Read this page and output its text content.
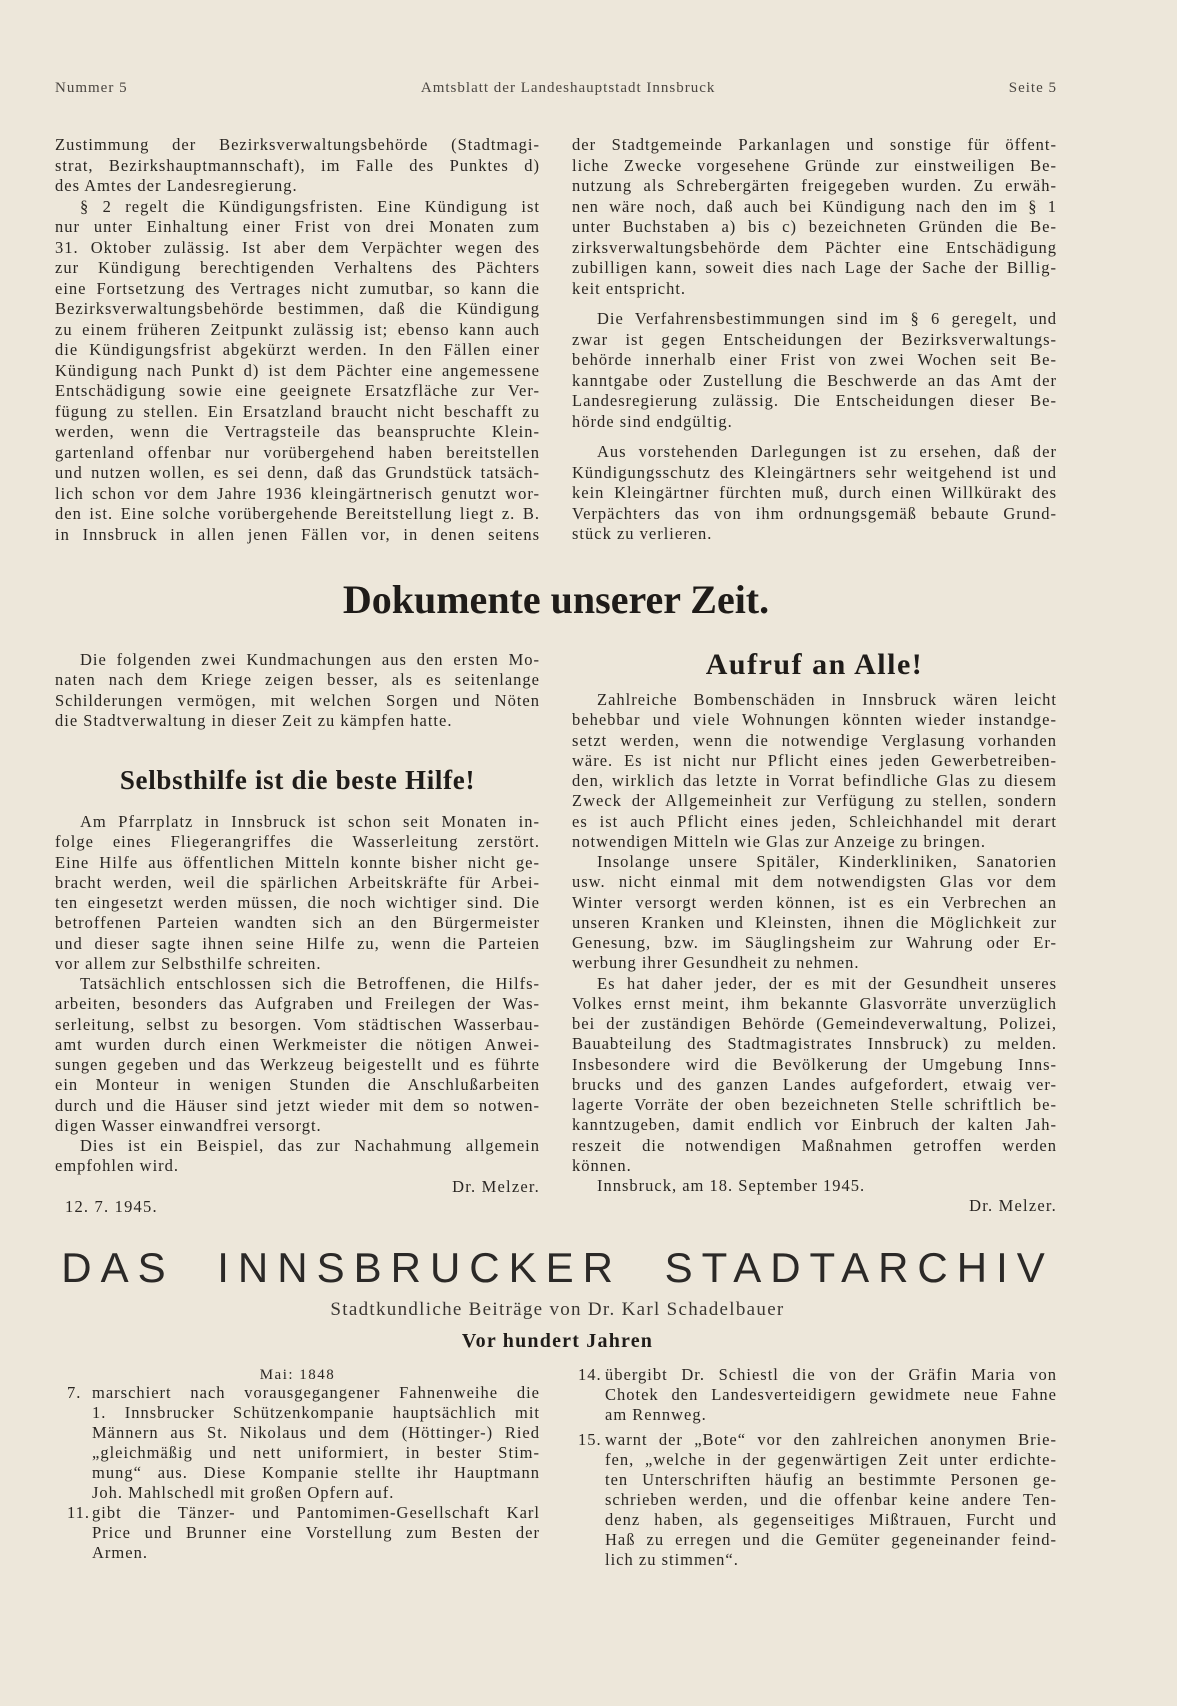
Nummer 5	Amtsblatt der Landeshauptstadt Innsbruck	Seite 5
Zustimmung der Bezirksverwaltungsbehörde (Stadtmagi-
strat, Bezirkshauptmannschaft), im Falle des Punktes d)
des Amtes der Landesregierung.
§ 2 regelt die Kündigungsfristen. Eine Kündigung ist
nur unter Einhaltung einer Frist von drei Monaten zum
31. Oktober zulässig. Ist aber dem Verpächter wegen des
zur Kündigung berechtigenden Verhaltens des Pächters
eine Fortsetzung des Vertrages nicht zumutbar, so kann die
Bezirksverwaltungsbehörde bestimmen, daß die Kündigung
zu einem früheren Zeitpunkt zulässig ist; ebenso kann auch
die Kündigungsfrist abgekürzt werden. In den Fällen einer
Kündigung nach Punkt d) ist dem Pächter eine angemessene
Entschädigung sowie eine geeignete Ersatzfläche zur Ver-
fügung zu stellen. Ein Ersatzland braucht nicht beschafft zu
werden, wenn die Vertragsteile das beanspruchte Klein-
gartenland offenbar nur vorübergehend haben bereitstellen
und nutzen wollen, es sei denn, daß das Grundstück tatsäch-
lich schon vor dem Jahre 1936 kleingärtnerisch genutzt wor-
den ist. Eine solche vorübergehende Bereitstellung liegt z. B.
in Innsbruck in allen jenen Fällen vor, in denen seitens
der Stadtgemeinde Parkanlagen und sonstige für öffent-
liche Zwecke vorgesehene Gründe zur einstweiligen Be-
nutzung als Schrebergärten freigegeben wurden. Zu erwäh-
nen wäre noch, daß auch bei Kündigung nach den im § 1
unter Buchstaben a) bis c) bezeichneten Gründen die Be-
zirksverwaltungsbehörde dem Pächter eine Entschädigung
zubilligen kann, soweit dies nach Lage der Sache der Billig-
keit entspricht.
Die Verfahrensbestimmungen sind im § 6 geregelt, und
zwar ist gegen Entscheidungen der Bezirksverwaltungs-
behörde innerhalb einer Frist von zwei Wochen seit Be-
kanntgabe oder Zustellung die Beschwerde an das Amt der
Landesregierung zulässig. Die Entscheidungen dieser Be-
hörde sind endgültig.
Aus vorstehenden Darlegungen ist zu ersehen, daß der
Kündigungsschutz des Kleingärtners sehr weitgehend ist und
kein Kleingärtner fürchten muß, durch einen Willkürakt des
Verpächters das von ihm ordnungsgemäß bebaute Grund-
stück zu verlieren.
Dokumente unserer Zeit.
Die folgenden zwei Kundmachungen aus den ersten Mo-
naten nach dem Kriege zeigen besser, als es seitenlange
Schilderungen vermögen, mit welchen Sorgen und Nöten
die Stadtverwaltung in dieser Zeit zu kämpfen hatte.
Selbsthilfe ist die beste Hilfe!
Am Pfarrplatz in Innsbruck ist schon seit Monaten in-
folge eines Fliegerangriffes die Wasserleitung zerstört.
Eine Hilfe aus öffentlichen Mitteln konnte bisher nicht ge-
bracht werden, weil die spärlichen Arbeitskräfte für Arbei-
ten eingesetzt werden müssen, die noch wichtiger sind. Die
betroffenen Parteien wandten sich an den Bürgermeister
und dieser sagte ihnen seine Hilfe zu, wenn die Parteien
vor allem zur Selbsthilfe schreiten.
Tatsächlich entschlossen sich die Betroffenen, die Hilfs-
arbeiten, besonders das Aufgraben und Freilegen der Was-
serleitung, selbst zu besorgen. Vom städtischen Wasserbau-
amt wurden durch einen Werkmeister die nötigen Anwei-
sungen gegeben und das Werkzeug beigestellt und es führte
ein Monteur in wenigen Stunden die Anschlußarbeiten
durch und die Häuser sind jetzt wieder mit dem so notwen-
digen Wasser einwandfrei versorgt.
Dies ist ein Beispiel, das zur Nachahmung allgemein
empfohlen wird.
Dr. Melzer.
12. 7. 1945.
Aufruf an Alle!
Zahlreiche Bombenschäden in Innsbruck wären leicht
behebbar und viele Wohnungen könnten wieder instandge-
setzt werden, wenn die notwendige Verglasung vorhanden
wäre. Es ist nicht nur Pflicht eines jeden Gewerbetreiben-
den, wirklich das letzte in Vorrat befindliche Glas zu diesem
Zweck der Allgemeinheit zur Verfügung zu stellen, sondern
es ist auch Pflicht eines jeden, Schleichhandel mit derart
notwendigen Mitteln wie Glas zur Anzeige zu bringen.
Insolange unsere Spitäler, Kinderkliniken, Sanatorien
usw. nicht einmal mit dem notwendigsten Glas vor dem
Winter versorgt werden können, ist es ein Verbrechen an
unseren Kranken und Kleinsten, ihnen die Möglichkeit zur
Genesung, bzw. im Säuglingsheim zur Wahrung oder Er-
werbung ihrer Gesundheit zu nehmen.
Es hat daher jeder, der es mit der Gesundheit unseres
Volkes ernst meint, ihm bekannte Glasvorräte unverzüglich
bei der zuständigen Behörde (Gemeindeverwaltung, Polizei,
Bauabteilung des Stadtmagistrates Innsbruck) zu melden.
Insbesondere wird die Bevölkerung der Umgebung Inns-
brucks und des ganzen Landes aufgefordert, etwaig ver-
lagerte Vorräte der oben bezeichneten Stelle schriftlich be-
kanntzugeben, damit endlich vor Einbruch der kalten Jah-
reszeit die notwendigen Maßnahmen getroffen werden
können.
Innsbruck, am 18. September 1945.
Dr. Melzer.
DAS INNSBRUCKER STADTARCHIV
Stadtkundliche Beiträge von Dr. Karl Schadelbauer
Vor hundert Jahren
Mai: 1848
7. marschiert nach vorausgegangener Fahnenweihe die
1. Innsbrucker Schützenkompanie hauptsächlich mit
Männern aus St. Nikolaus und dem (Höttinger-) Ried
„gleichmäßig und nett uniformiert, in bester Stim-
mung“ aus. Diese Kompanie stellte ihr Hauptmann
Joh. Mahlschedl mit großen Opfern auf.
11. gibt die Tänzer- und Pantomimen-Gesellschaft Karl
Price und Brunner eine Vorstellung zum Besten der
Armen.
14. übergibt Dr. Schiestl die von der Gräfin Maria von
Chotek den Landesverteidigern gewidmete neue Fahne
am Rennweg.
15. warnt der „Bote“ vor den zahlreichen anonymen Brie-
fen, „welche in der gegenwärtigen Zeit unter erdichte-
ten Unterschriften häufig an bestimmte Personen ge-
schrieben werden, und die offenbar keine andere Ten-
denz haben, als gegenseitiges Mißtrauen, Furcht und
Haß zu erregen und die Gemüter gegeneinander feind-
lich zu stimmen“.
